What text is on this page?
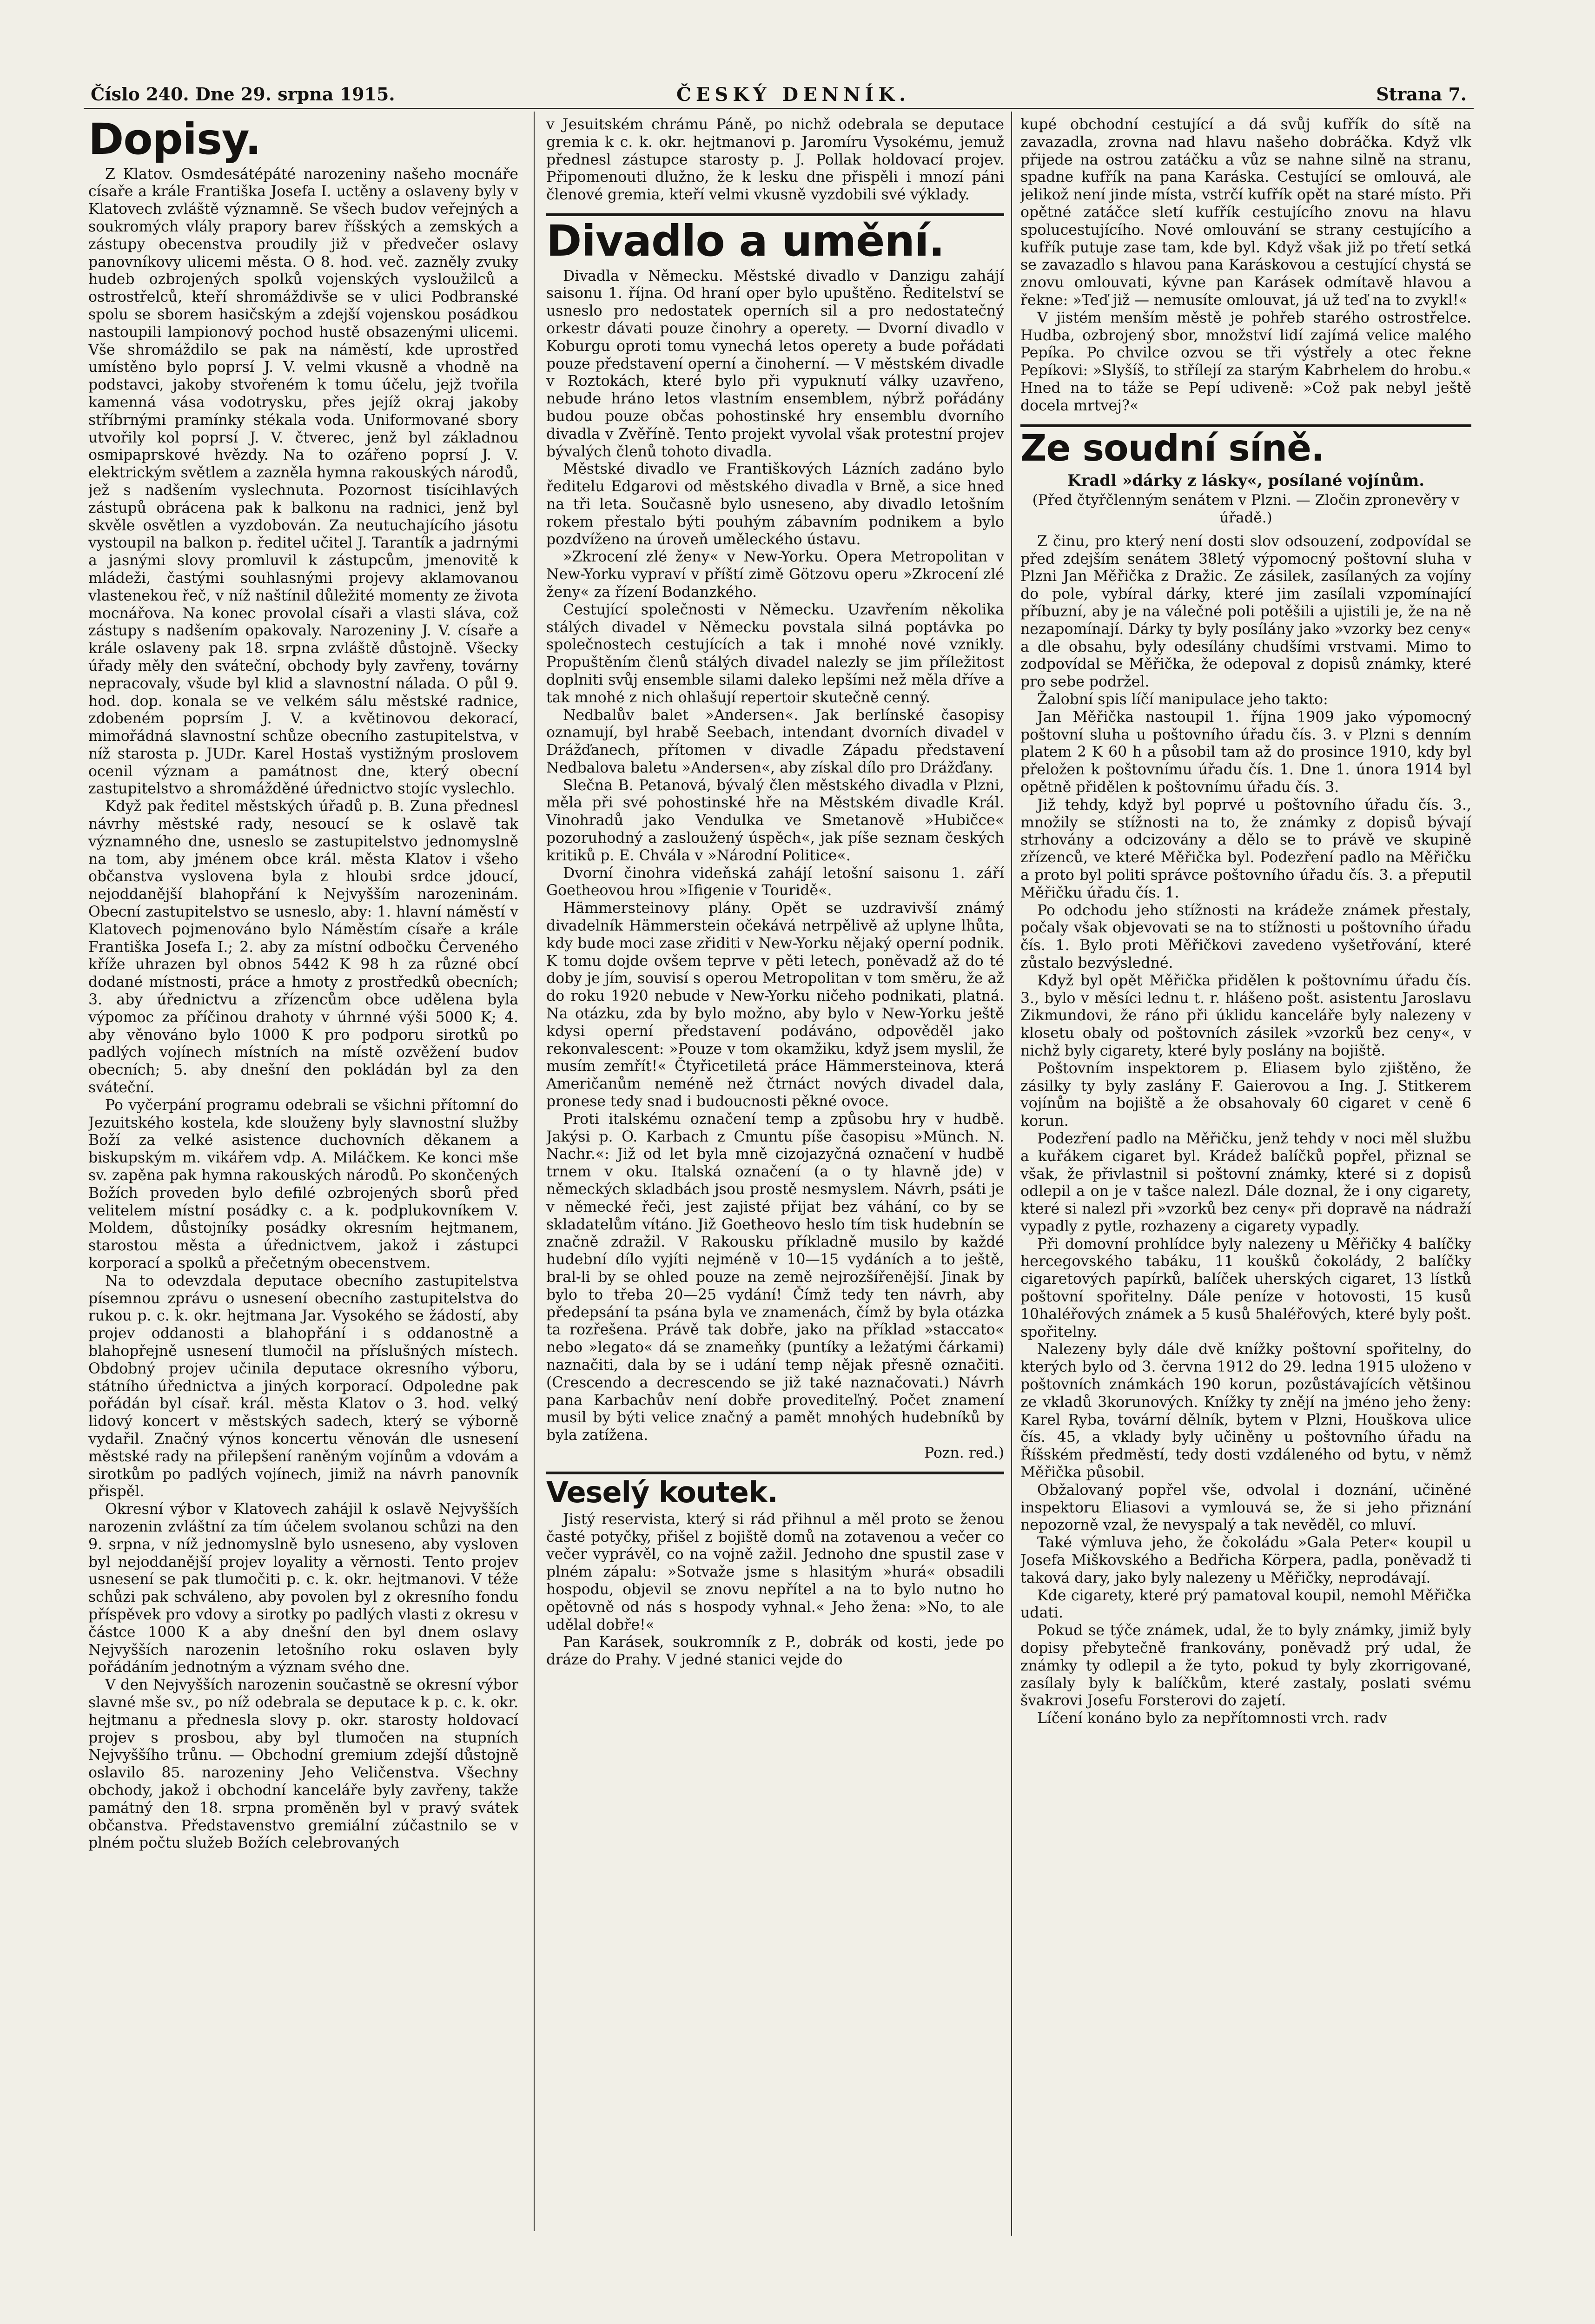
Číslo 240. Dne 29. srpna 1915.	ČESKÝ DENNÍK.	Strana 7.
Dopisy.

Z Klatov. Osmdesátépáté narozeniny našeho mocnáře císaře a krále Františka Josefa I. uctěny a oslaveny byly v Klatovech zvláště významně. Se všech budov veřejných a soukromých vlály prapory barev říšských a zemských a zástupy obecenstva proudily již v předvečer oslavy panovníkovy ulicemi města. O 8. hod. več. zazněly zvuky hudeb ozbrojených spolků vojenských vysloužilců a ostrostřelců, kteří shromáždivše se v ulici Podbranské spolu se sborem hasičským a zdejší vojenskou posádkou nastoupili lampionový pochod hustě obsazenými ulicemi. Vše shromáždilo se pak na náměstí, kde uprostřed umístěno bylo poprsí J. V. velmi vkusně a vhodně na podstavci, jakoby stvořeném k tomu účelu, jejž tvořila kamenná vása vodotrysku, přes jejíž okraj jakoby stříbrnými pramínky stékala voda. Uniformované sbory utvořily kol poprsí J. V. čtverec, jenž byl základnou osmipaprskové hvězdy. Na to ozářeno poprsí J. V. elektrickým světlem a zazněla hymna rakouských národů, jež s nadšením vyslechnuta. Pozornost tisícihlavých zástupů obrácena pak k balkonu na radnici, jenž byl skvěle osvětlen a vyzdobován. Za neutuchajícího jásotu vystoupil na balkon p. ředitel učitel J. Tarantík a jadrnými a jasnými slovy promluvil k zástupcům, jmenovitě k mládeži, častými souhlasnými projevy aklamovanou vlastenekou řeč, v níž naštínil důležité momenty ze života mocnářova. Na konec provolal císaři a vlasti sláva, což zástupy s nadšením opakovaly. Narozeniny J. V. císaře a krále oslaveny pak 18. srpna zvláště důstojně. Všecky úřady měly den sváteční, obchody byly zavřeny, továrny nepracovaly, všude byl klid a slavnostní nálada. O půl 9. hod. dop. konala se ve velkém sálu městské radnice, zdobeném poprsím J. V. a květinovou dekorací, mimořádná slavnostní schůze obecního zastupitelstva, v níž starosta p. JUDr. Karel Hostaš vystižným proslovem ocenil význam a památnost dne, který obecní zastupitelstvo a shromážděné úřednictvo stojíc vyslechlo.

Když pak ředitel městských úřadů p. B. Zuna přednesl návrhy městské rady, nesoucí se k oslavě tak významného dne, usneslo se zastupitelstvo jednomyslně na tom, aby jménem obce král. města Klatov i všeho občanstva vyslovena byla z hloubi srdce jdoucí, nejoddanější blahopřání k Nejvyšším narozeninám. Obecní zastupitelstvo se usneslo, aby: 1. hlavní náměstí v Klatovech pojmenováno bylo Náměstím císaře a krále Františka Josefa I.; 2. aby za místní odbočku Červeného kříže uhrazen byl obnos 5442 K 98 h za různé obcí dodané místnosti, práce a hmoty z prostředků obecních; 3. aby úřednictvu a zřízencům obce udělena byla výpomoc za příčinou drahoty v úhrnné výši 5000 K; 4. aby věnováno bylo 1000 K pro podporu sirotků po padlých vojínech místních na místě ozvěžení budov obecních; 5. aby dnešní den pokládán byl za den sváteční.

Po vyčerpání programu odebrali se všichni přítomní do Jezuitského kostela, kde slouženy byly slavnostní služby Boží za velké asistence duchovních děkanem a biskupským m. vikářem vdp. A. Miláčkem. Ke konci mše sv. zapěna pak hymna rakouských národů. Po skončených Božích proveden bylo defilé ozbrojených sborů před velitelem místní posádky c. a k. podplukovníkem V. Moldem, důstojníky posádky okresním hejtmanem, starostou města a úřednictvem, jakož i zástupci korporací a spolků a přečetným obecenstvem.

Na to odevzdala deputace obecního zastupitelstva písemnou zprávu o usnesení obecního zastupitelstva do rukou p. c. k. okr. hejtmana Jar. Vysokého se žádostí, aby projev oddanosti a blahopřání i s oddanostně a blahopřejně usnesení tlumočil na příslušných místech. Obdobný projev učinila deputace okresního výboru, státního úřednictva a jiných korporací. Odpoledne pak pořádán byl císař. král. města Klatov o 3. hod. velký lidový koncert v městských sadech, který se výborně vydařil. Značný výnos koncertu věnován dle usnesení městské rady na přilepšení raněným vojínům a vdovám a sirotkům po padlých vojínech, jimiž na návrh panovník přispěl.

Okresní výbor v Klatovech zahájil k oslavě Nejvyšších narozenin zvláštní za tím účelem svolanou schůzi na den 9. srpna, v níž jednomyslně bylo usneseno, aby vysloven byl nejoddanější projev loyality a věrnosti. Tento projev usnesení se pak tlumočiti p. c. k. okr. hejtmanovi. V téže schůzi pak schváleno, aby povolen byl z okresního fondu příspěvek pro vdovy a sirotky po padlých vlasti z okresu v částce 1000 K a aby dnešní den byl dnem oslavy Nejvyšších narozenin letošního roku oslaven byly pořádáním jednotným a význam svého dne.

V den Nejvyšších narozenin součastně se okresní výbor slavné mše sv., po níž odebrala se deputace k p. c. k. okr. hejtmanu a přednesla slovy p. okr. starosty holdovací projev s prosbou, aby byl tlumočen na stupních Nejvyššího trůnu. — Obchodní gremium zdejší důstojně oslavilo 85. narozeniny Jeho Veličenstva. Všechny obchody, jakož i obchodní kanceláře byly zavřeny, takže památný den 18. srpna proměněn byl v pravý svátek občanstva. Představenstvo gremiální zúčastnilo se v plném počtu služeb Božích celebrovaných

v Jesuitském chrámu Páně, po nichž odebrala se deputace gremia k c. k. okr. hejtmanovi p. Jaromíru Vysokému, jemuž přednesl zástupce starosty p. J. Pollak holdovací projev. Připomenouti dlužno, že k lesku dne přispěli i mnozí páni členové gremia, kteří velmi vkusně vyzdobili své výklady.

Divadlo a umění.

Divadla v Německu. Městské divadlo v Danzigu zahájí saisonu 1. října. Od hraní oper bylo upuštěno. Ředitelství se usneslo pro nedostatek operních sil a pro nedostatečný orkestr dávati pouze činohry a operety. — Dvorní divadlo v Koburgu oproti tomu vynechá letos operety a bude pořádati pouze představení operní a činoherní. — V městském divadle v Roztokách, které bylo při vypuknutí války uzavřeno, nebude hráno letos vlastním ensemblem, nýbrž pořádány budou pouze občas pohostinské hry ensemblu dvorního divadla v Zvěříně. Tento projekt vyvolal však protestní projev bývalých členů tohoto divadla.

Městské divadlo ve Františkových Lázních zadáno bylo ředitelu Edgarovi od městského divadla v Brně, a sice hned na tři leta. Současně bylo usneseno, aby divadlo letošním rokem přestalo býti pouhým zábavním podnikem a bylo pozdvíženo na úroveň uměleckého ústavu.

»Zkrocení zlé ženy« v New-Yorku. Opera Metropolitan v New-Yorku vypraví v příští zimě Götzovu operu »Zkrocení zlé ženy« za řízení Bodanzkého.

Cestující společnosti v Německu. Uzavřením několika stálých divadel v Německu povstala silná poptávka po společnostech cestujících a tak i mnohé nové vznikly. Propuštěním členů stálých divadel nalezly se jim příležitost doplniti svůj ensemble silami daleko lepšími než měla dříve a tak mnohé z nich ohlašují repertoir skutečně cenný.

Nedbalův balet »Andersen«. Jak berlínské časopisy oznamují, byl hrabě Seebach, intendant dvorních divadel v Drážďanech, přítomen v divadle Západu představení Nedbalova baletu »Andersen«, aby získal dílo pro Drážďany.

Slečna B. Petanová, bývalý člen městského divadla v Plzni, měla při své pohostinské hře na Městském divadle Král. Vinohradů jako Vendulka ve Smetanově »Hubičce« pozoruhodný a zasloužený úspěch«, jak píše seznam českých kritiků p. E. Chvála v »Národní Politice«.

Dvorní činohra videňská zahájí letošní saisonu 1. září Goetheovou hrou »Ifigenie v Touridě«.

Hämmersteinovy plány. Opět se uzdravivší známý divadelník Hämmerstein očekává netrpělivě až uplyne lhůta, kdy bude moci zase zřiditi v New-Yorku nějaký operní podnik. K tomu dojde ovšem teprve v pěti letech, poněvadž až do té doby je jím, souvisí s operou Metropolitan v tom směru, že až do roku 1920 nebude v New-Yorku ničeho podnikati, platná. Na otázku, zda by bylo možno, aby bylo v New-Yorku ještě kdysi operní představení podáváno, odpověděl jako rekonvalescent: »Pouze v tom okamžiku, když jsem myslil, že musím zemřít!« Čtyřicetiletá práce Hämmersteinova, která Američanům neméně než čtrnáct nových divadel dala, pronese tedy snad i budoucnosti pěkné ovoce.

Proti italskému označení temp a způsobu hry v hudbě. Jakýsi p. O. Karbach z Cmuntu píše časopisu »Münch. N. Nachr.«: Již od let byla mně cizojazyčná označení v hudbě trnem v oku. Italská označení (a o ty hlavně jde) v německých skladbách jsou prostě nesmyslem. Návrh, psáti je v německé řeči, jest zajisté přijat bez váhání, co by se skladatelům vítáno. Již Goetheovo heslo tím tisk hudebnín se značně zdražil. V Rakousku příkladně musilo by každé hudební dílo vyjíti nejméně v 10—15 vydáních a to ještě, bral-li by se ohled pouze na země nejrozšířenější. Jinak by bylo to třeba 20—25 vydání! Čímž tedy ten návrh, aby předepsání ta psána byla ve znamenách, čímž by byla otázka ta rozřešena. Právě tak dobře, jako na příklad »staccato« nebo »legato« dá se znameňky (puntíky a ležatými čárkami) naznačiti, dala by se i udání temp nějak přesně označiti. (Crescendo a decrescendo se již také naznačovati.) Návrh pana Karbachův není dobře provediteľný. Počet znamení musil by býti velice značný a pamět mnohých hudebníků by byla zatížena.

Pozn. red.)

Veselý koutek.

Jistý reservista, který si rád přihnul a měl proto se ženou časté potyčky, přišel z bojiště domů na zotavenou a večer co večer vyprávěl, co na vojně zažil. Jednoho dne spustil zase v plném zápalu: »Sotvaže jsme s hlasitým »hurá« obsadili hospodu, objevil se znovu nepřítel a na to bylo nutno ho opětovně od nás s hospody vyhnal.« Jeho žena: »No, to ale udělal dobře!«

Pan Karásek, soukromník z P., dobrák od kosti, jede po dráze do Prahy. V jedné stanici vejde do

kupé obchodní cestující a dá svůj kufřík do sítě na zavazadla, zrovna nad hlavu našeho dobráčka. Když vlk přijede na ostrou zatáčku a vůz se nahne silně na stranu, spadne kufřík na pana Karáska. Cestující se omlouvá, ale jelikož není jinde místa, vstrčí kufřík opět na staré místo. Při opětné zatáčce sletí kufřík cestujícího znovu na hlavu spolucestujícího. Nové omlouvání se strany cestujícího a kufřík putuje zase tam, kde byl. Když však již po třetí setká se zavazadlo s hlavou pana Karáskovou a cestující chystá se znovu omlouvati, kývne pan Karásek odmítavě hlavou a řekne: »Teď již — nemusíte omlouvat, já už teď na to zvykl!«

V jistém menším městě je pohřeb starého ostrostřelce. Hudba, ozbrojený sbor, množství lidí zajímá velice malého Pepíka. Po chvilce ozvou se tři výstřely a otec řekne Pepíkovi: »Slyšíš, to střílejí za starým Kabrhelem do hrobu.« Hned na to táže se Pepí udiveně: »Což pak nebyl ještě docela mrtvej?«

Ze soudní síně.
Kradl »dárky z lásky«, posílané vojínům.
(Před čtyřčlenným senátem v Plzni. — Zločin zpronevěry v úřadě.)

Z činu, pro který není dosti slov odsouzení, zodpovídal se před zdejším senátem 38letý výpomocný poštovní sluha v Plzni Jan Měřička z Dražic. Ze zásilek, zasílaných za vojíny do pole, vybíral dárky, které jim zasílali vzpomínající příbuzní, aby je na válečné poli potěšili a ujistili je, že na ně nezapomínají. Dárky ty byly posílány jako »vzorky bez ceny« a dle obsahu, byly odesílány chudšími vrstvami. Mimo to zodpovídal se Měřička, že odepoval z dopisů známky, které pro sebe podržel.

Žalobní spis líčí manipulace jeho takto:

Jan Měřička nastoupil 1. října 1909 jako výpomocný poštovní sluha u poštovního úřadu čís. 3. v Plzni s denním platem 2 K 60 h a působil tam až do prosince 1910, kdy byl přeložen k poštovnímu úřadu čís. 1. Dne 1. února 1914 byl opětně přidělen k poštovnímu úřadu čís. 3.

Již tehdy, když byl poprvé u poštovního úřadu čís. 3., množily se stížnosti na to, že známky z dopisů bývají strhovány a odcizovány a dělo se to právě ve skupině zřízenců, ve které Měřička byl. Podezření padlo na Měřičku a proto byl politi správce poštovního úřadu čís. 3. a přeputil Měřičku úřadu čís. 1.

Po odchodu jeho stížnosti na krádeže známek přestaly, počaly však objevovati se na to stížnosti u poštovního úřadu čís. 1. Bylo proti Měřičkovi zavedeno vyšetřování, které zůstalo bezvýsledné.

Když byl opět Měřička přidělen k poštovnímu úřadu čís. 3., bylo v měsíci lednu t. r. hlášeno pošt. asistentu Jaroslavu Zikmundovi, že ráno při úklidu kanceláře byly nalezeny v klosetu obaly od poštovních zásilek »vzorků bez ceny«, v nichž byly cigarety, které byly poslány na bojiště.

Poštovním inspektorem p. Eliasem bylo zjištěno, že zásilky ty byly zaslány F. Gaierovou a Ing. J. Stitkerem vojínům na bojiště a že obsahovaly 60 cigaret v ceně 6 korun.

Podezření padlo na Měřičku, jenž tehdy v noci měl službu a kuřákem cigaret byl. Krádež balíčků popřel, přiznal se však, že přivlastnil si poštovní známky, které si z dopisů odlepil a on je v tašce nalezl. Dále doznal, že i ony cigarety, které si nalezl při »vzorků bez ceny« při dopravě na nádraží vypadly z pytle, rozhazeny a cigarety vypadly.

Při domovní prohlídce byly nalezeny u Měřičky 4 balíčky hercegovského tabáku, 11 koušků čokolády, 2 balíčky cigaretových papírků, balíček uherských cigaret, 13 lístků poštovní spořitelny. Dále peníze v hotovosti, 15 kusů 10haléřových známek a 5 kusů 5haléřových, které byly pošt. spořitelny.

Nalezeny byly dále dvě knížky poštovní spořitelny, do kterých bylo od 3. června 1912 do 29. ledna 1915 uloženo v poštovních známkách 190 korun, pozůstávajících většinou ze vkladů 3korunových. Knížky ty znějí na jméno jeho ženy: Karel Ryba, tovární dělník, bytem v Plzni, Houškova ulice čís. 45, a vklady byly učiněny u poštovního úřadu na Říšském předměstí, tedy dosti vzdáleného od bytu, v němž Měřička působil.

Obžalovaný popřel vše, odvolal i doznání, učiněné inspektoru Eliasovi a vymlouvá se, že si jeho přiznání nepozorně vzal, že nevyspalý a tak nevěděl, co mluví.

Také výmluva jeho, že čokoládu »Gala Peter« koupil u Josefa Miškovského a Bedřicha Körpera, padla, poněvadž ti taková dary, jako byly nalezeny u Měřičky, neprodávají.

Kde cigarety, které prý pamatoval koupil, nemohl Měřička udati.

Pokud se týče známek, udal, že to byly známky, jimiž byly dopisy přebytečně frankovány, poněvadž prý udal, že známky ty odlepil a že tyto, pokud ty byly zkorrigované, zasílaly byly k balíčkům, které zastaly, poslati svému švakrovi Josefu Forsterovi do zajetí.

Líčení konáno bylo za nepřítomnosti vrch. radv
